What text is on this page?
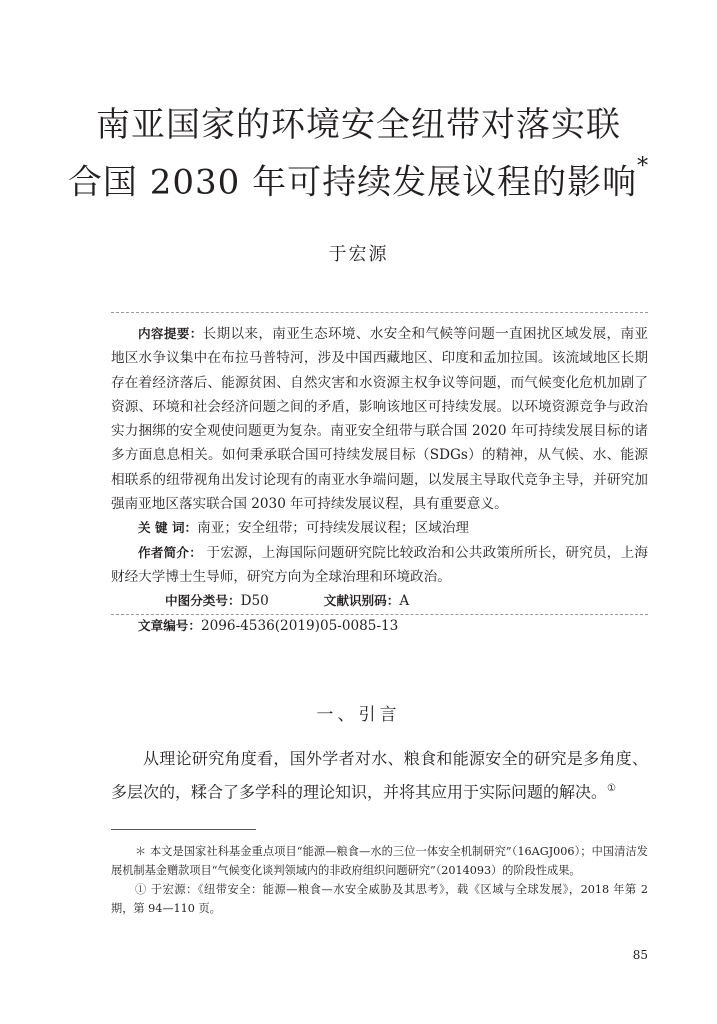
南亚国家的环境安全纽带对落实联
合国 2030 年可持续发展议程的影响*
于宏源

内容提要：长期以来，南亚生态环境、水安全和气候等问题一直困扰区域发展，南亚地区水争议集中在布拉马普特河，涉及中国西藏地区、印度和孟加拉国。该流域地区长期存在着经济落后、能源贫困、自然灾害和水资源主权争议等问题，而气候变化危机加剧了资源、环境和社会经济问题之间的矛盾，影响该地区可持续发展。以环境资源竞争与政治实力捆绑的安全观使问题更为复杂。南亚安全纽带与联合国 2020 年可持续发展目标的诸多方面息息相关。如何秉承联合国可持续发展目标（SDGs）的精神，从气候、水、能源相联系的纽带视角出发讨论现有的南亚水争端问题，以发展主导取代竞争主导，并研究加强南亚地区落实联合国 2030 年可持续发展议程，具有重要意义。

关 键 词：南亚；安全纽带；可持续发展议程；区域治理

作者简介： 于宏源，上海国际问题研究院比较政治和公共政策所所长，研究员，上海财经大学博士生导师，研究方向为全球治理和环境政治。

中图分类号：D50	文献识别码：A文章编号：2096-4536(2019)05-0085-13

一、引言

从理论研究角度看，国外学者对水、粮食和能源安全的研究是多角度、多层次的，糅合了多学科的理论知识，并将其应用于实际问题的解决。①

＊ 本文是国家社科基金重点项目“能源—粮食—水的三位一体安全机制研究”（16AGJ006）；中国清洁发展机制基金赠款项目“气候变化谈判领域内的非政府组织问题研究”（2014093）的阶段性成果。

① 于宏源：《纽带安全：能源—粮食—水安全威胁及其思考》，载《区域与全球发展》，2018 年第 2 期，第 94—110 页。

85
